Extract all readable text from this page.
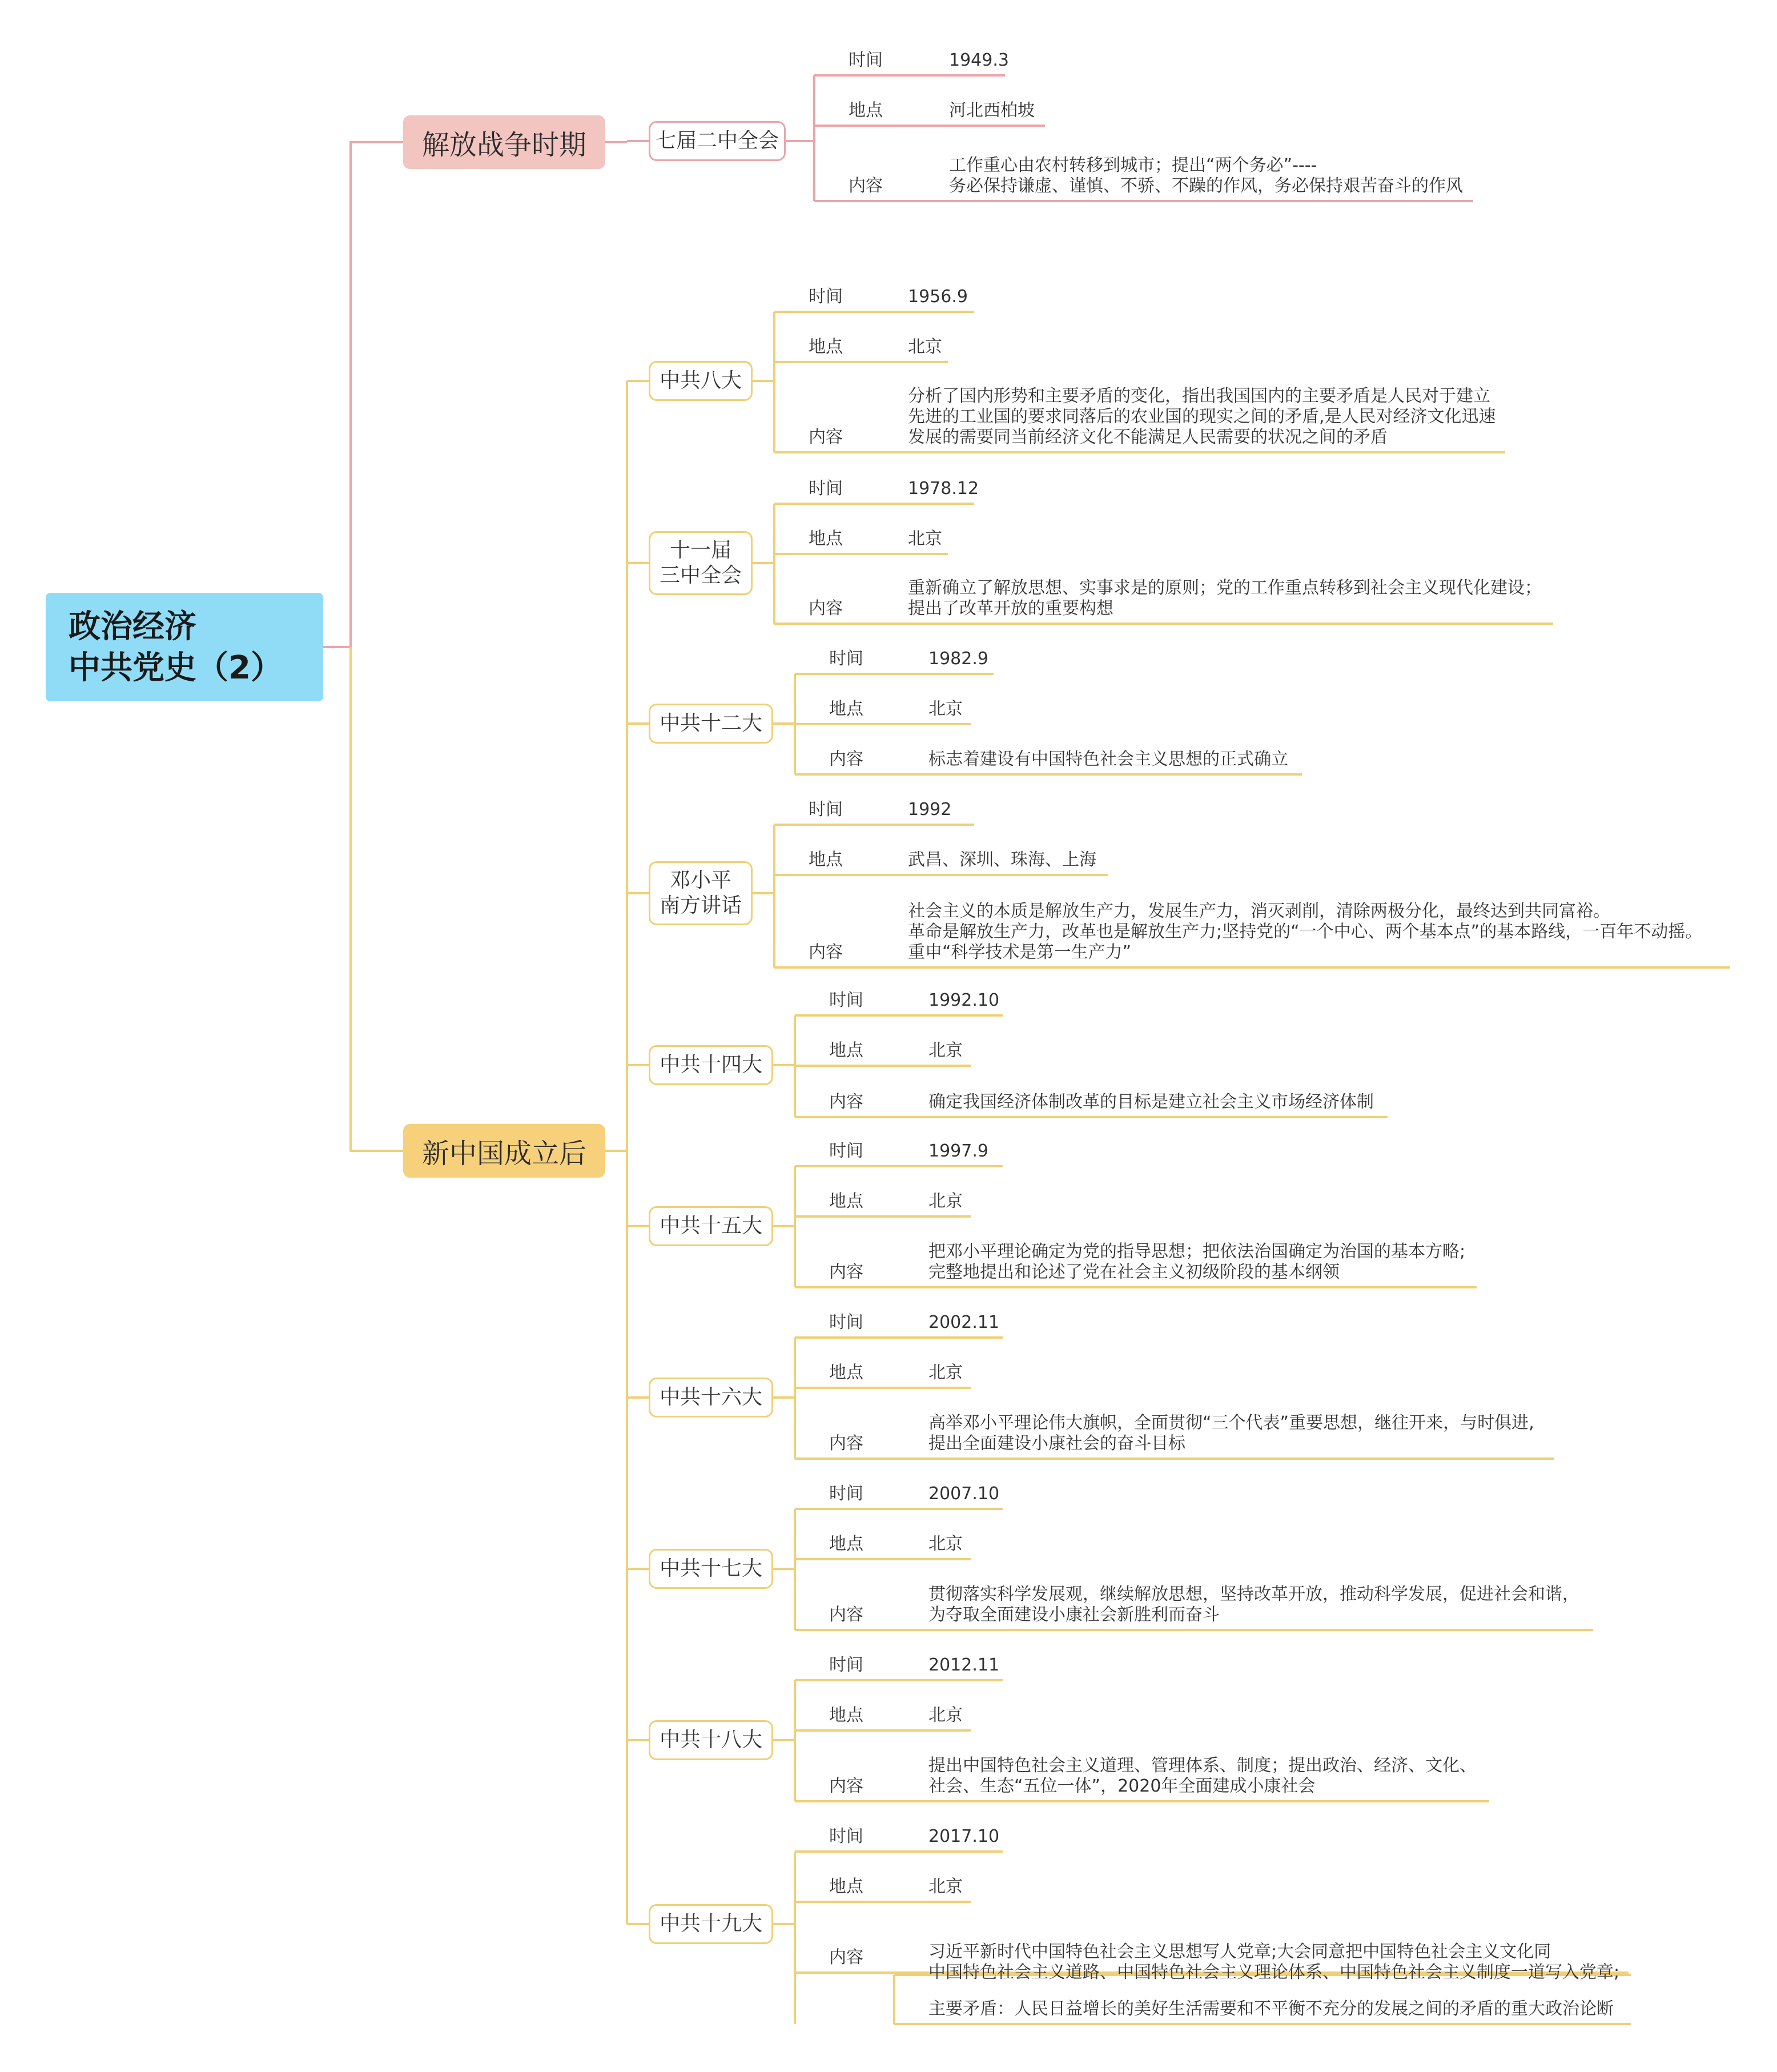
政治经济
中共党史（2）
解放战争时期	七届二中全会
时间	1949.3
地点	河北西柏坡
内容
工作重心由农村转移到城市；提出“两个务必”----
务必保持谦虚、谨慎、不骄、不躁的作风，务必保持艰苦奋斗的作风
新中国成立后
中共八大
时间	1956.9
地点	北京
内容
分析了国内形势和主要矛盾的变化，指出我国国内的主要矛盾是人民对于建立
先进的工业国的要求同落后的农业国的现实之间的矛盾,是人民对经济文化迅速
发展的需要同当前经济文化不能满足人民需要的状况之间的矛盾
十一届
三中全会
时间	1978.12
地点	北京
内容
重新确立了解放思想、实事求是的原则；党的工作重点转移到社会主义现代化建设；
提出了改革开放的重要构想
中共十二大
时间	1982.9
地点	北京
内容	标志着建设有中国特色社会主义思想的正式确立
邓小平
南方讲话
时间	1992
地点	武昌、深圳、珠海、上海
内容
社会主义的本质是解放生产力，发展生产力，消灭剥削，清除两极分化，最终达到共同富裕。
革命是解放生产力，改革也是解放生产力;坚持党的“一个中心、两个基本点”的基本路线，一百年不动摇。
重申“科学技术是第一生产力”
中共十四大
时间	1992.10
地点	北京
内容	确定我国经济体制改革的目标是建立社会主义市场经济体制
中共十五大
时间	1997.9
地点	北京
内容
把邓小平理论确定为党的指导思想；把依法治国确定为治国的基本方略;
完整地提出和论述了党在社会主义初级阶段的基本纲领
中共十六大
时间	2002.11
地点	北京
内容
高举邓小平理论伟大旗帜，全面贯彻“三个代表”重要思想，继往开来，与时俱进,
提出全面建设小康社会的奋斗目标
中共十七大
时间	2007.10
地点	北京
内容
贯彻落实科学发展观，继续解放思想，坚持改革开放，推动科学发展，促进社会和谐，
为夺取全面建设小康社会新胜利而奋斗
中共十八大
时间	2012.11
地点	北京
内容
提出中国特色社会主义道理、管理体系、制度；提出政治、经济、文化、
社会、生态“五位一体”，2020年全面建成小康社会
中共十九大
时间	2017.10
地点	北京
内容	习近平新时代中国特色社会主义思想写人党章;大会同意把中国特色社会主义文化同
中国特色社会主义道路、中国特色社会主义理论体系、中国特色社会主义制度一道写入党章;
主要矛盾：人民日益增长的美好生活需要和不平衡不充分的发展之间的矛盾的重大政治论断
